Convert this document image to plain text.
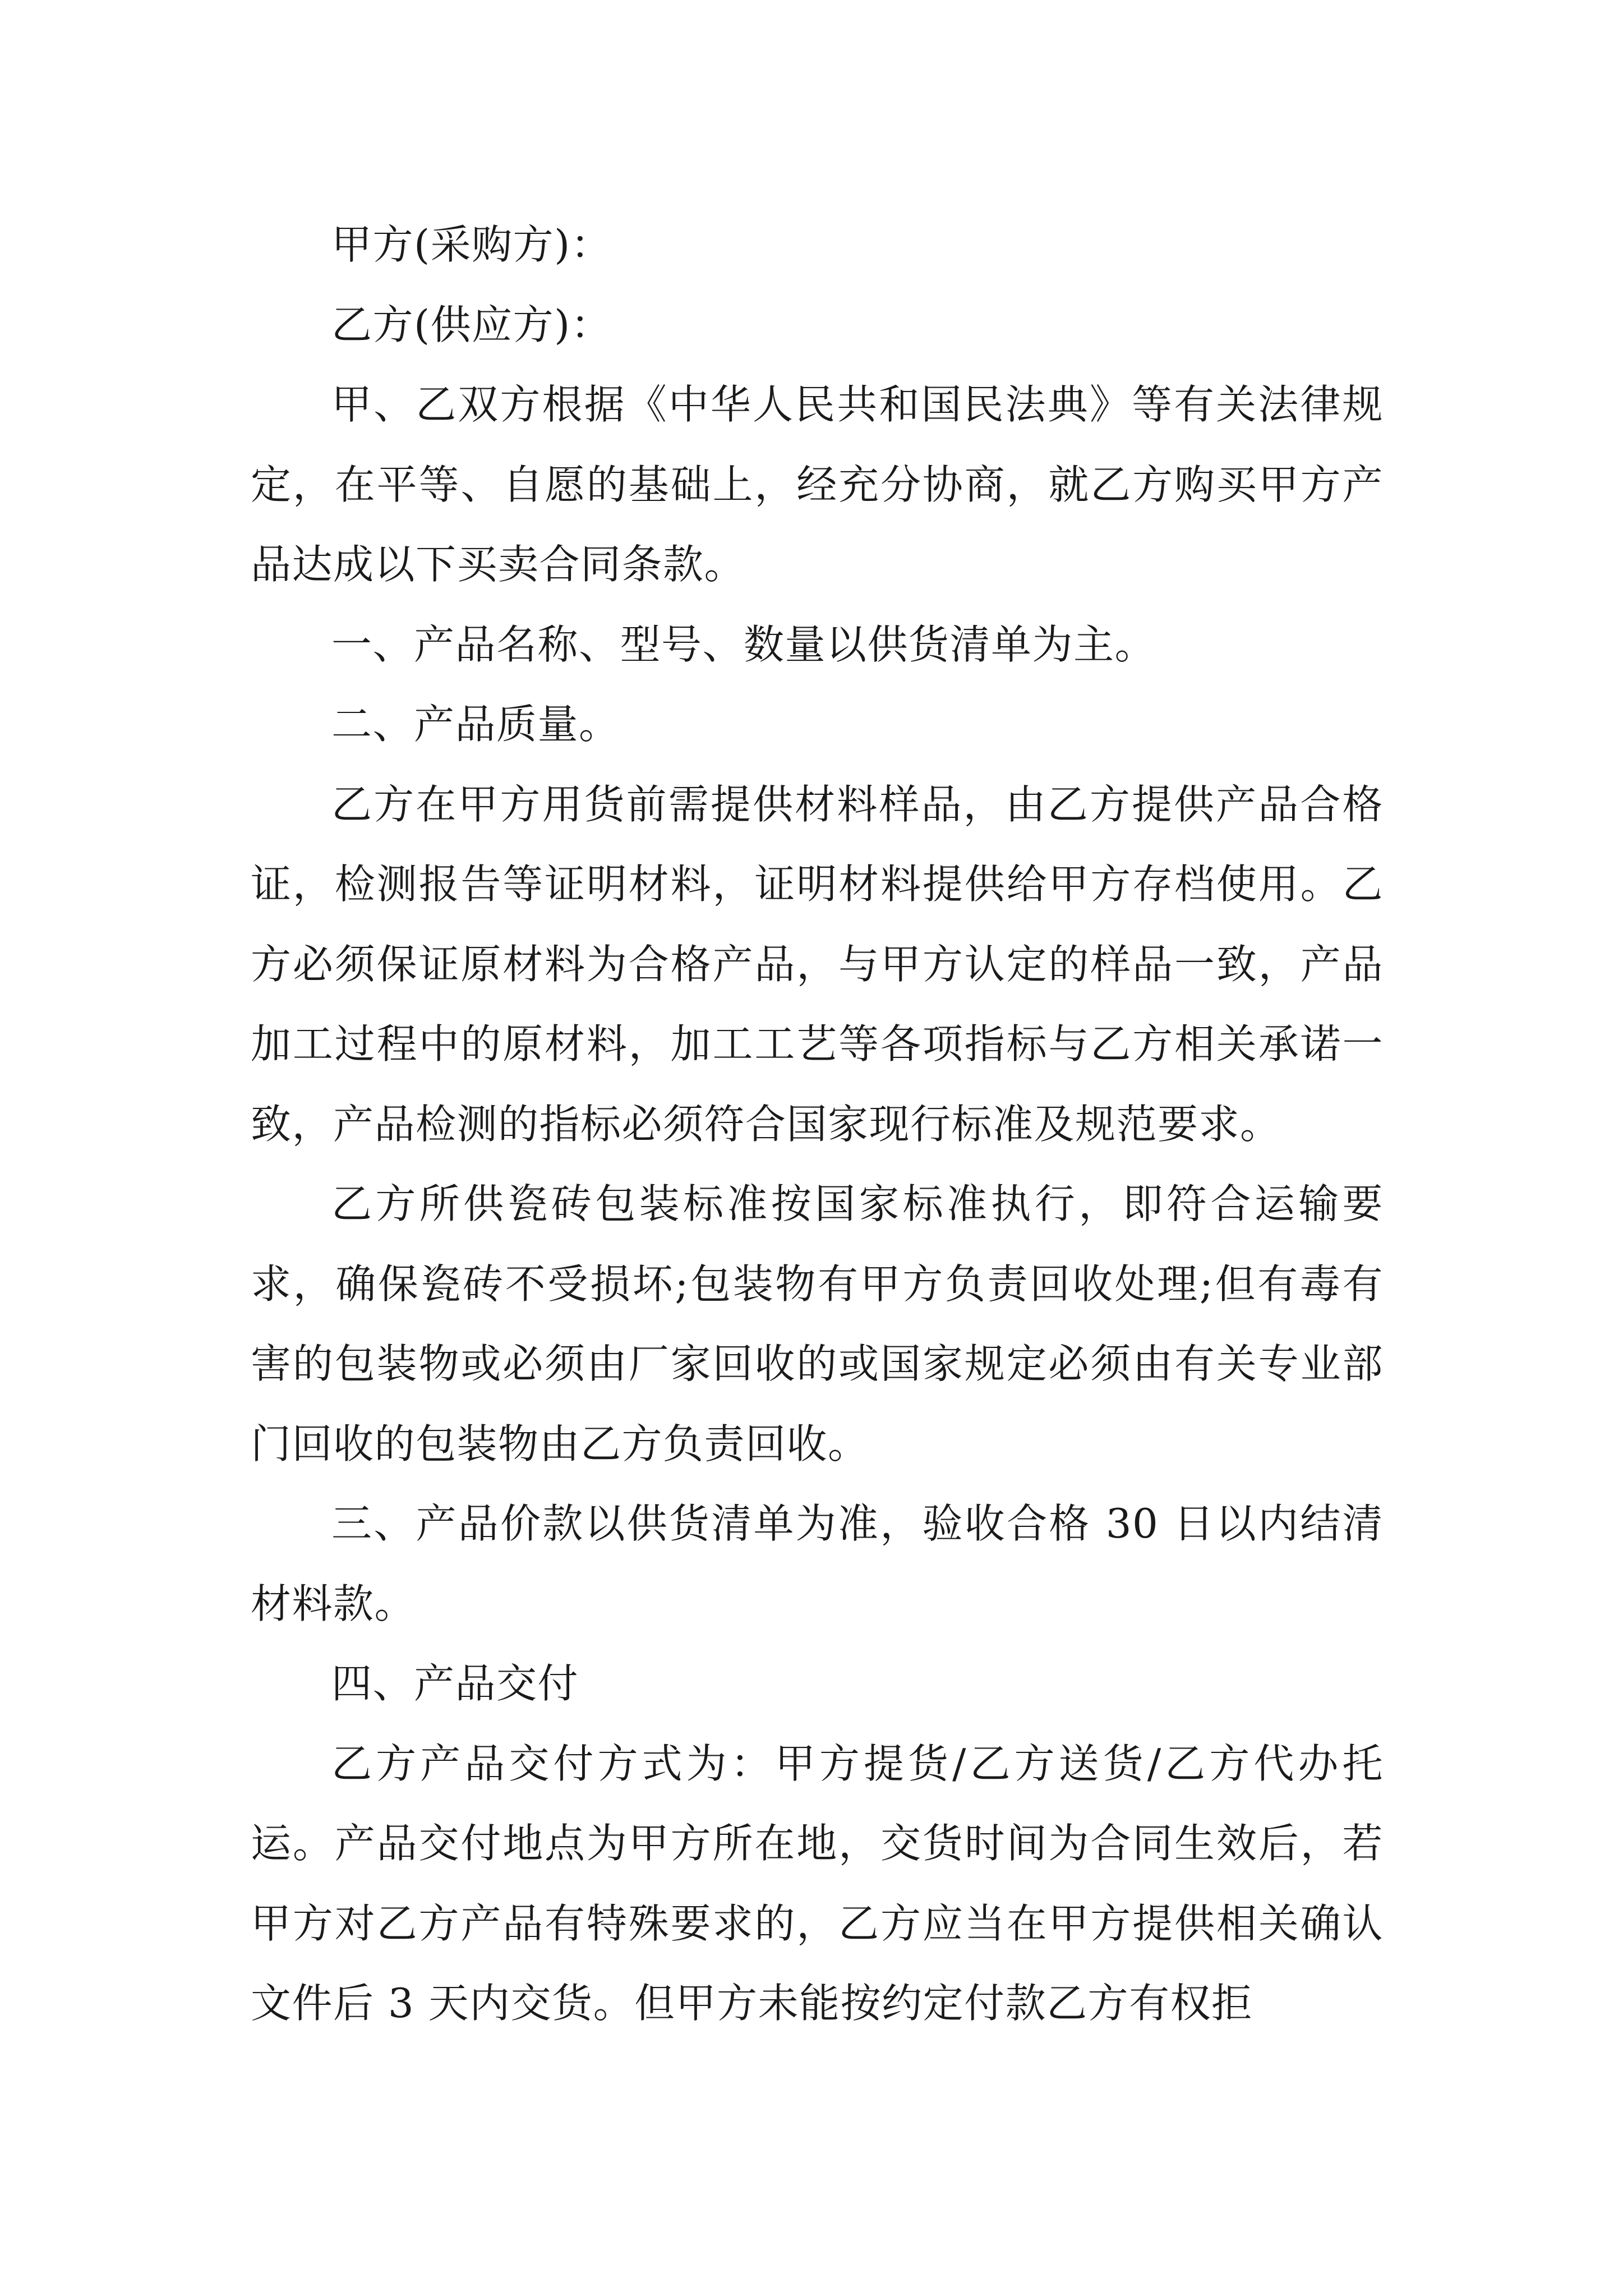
甲方(采购方)：

乙方(供应方)：

甲、乙双方根据《中华人民共和国民法典》等有关法律规定，在平等、自愿的基础上，经充分协商，就乙方购买甲方产品达成以下买卖合同条款。

一、产品名称、型号、数量以供货清单为主。

二、产品质量。

乙方在甲方用货前需提供材料样品，由乙方提供产品合格证，检测报告等证明材料，证明材料提供给甲方存档使用。乙方必须保证原材料为合格产品，与甲方认定的样品一致，产品加工过程中的原材料，加工工艺等各项指标与乙方相关承诺一致，产品检测的指标必须符合国家现行标准及规范要求。

乙方所供瓷砖包装标准按国家标准执行，即符合运输要求，确保瓷砖不受损坏;包装物有甲方负责回收处理;但有毒有害的包装物或必须由厂家回收的或国家规定必须由有关专业部门回收的包装物由乙方负责回收。

三、产品价款以供货清单为准，验收合格 30 日以内结清材料款。

四、产品交付

乙方产品交付方式为：甲方提货/乙方送货/乙方代办托运。产品交付地点为甲方所在地，交货时间为合同生效后，若甲方对乙方产品有特殊要求的，乙方应当在甲方提供相关确认文件后 3 天内交货。但甲方未能按约定付款乙方有权拒
